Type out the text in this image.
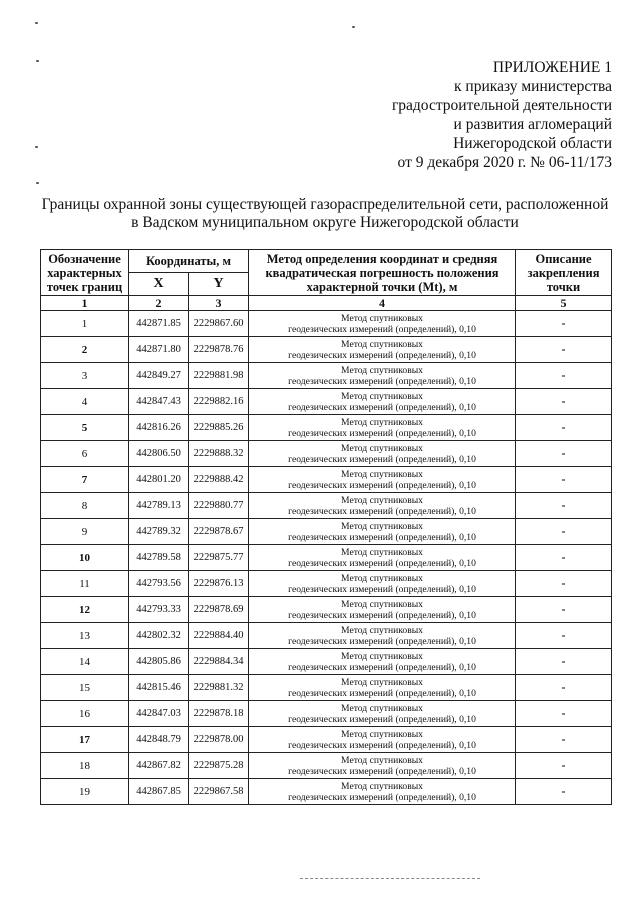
ПРИЛОЖЕНИЕ 1
к приказу министерства
градостроительной деятельности
и развития агломераций
Нижегородской области
от 9 декабря 2020 г. № 06-11/173
Границы охранной зоны существующей газораспределительной сети, расположенной
в Вадском муниципальном округе Нижегородской области
Обозначение характерных точек границ	Координаты, м		Метод определения координат и средняя квадратическая погрешность положения характерной точки (Mt), м	Описание закрепления точки
	X	Y		
1	2	3	4	5
1	442871.85	2229867.60	Метод спутниковых
геодезических измерений (определений), 0,10	-
2	442871.80	2229878.76	Метод спутниковых
геодезических измерений (определений), 0,10	-
3	442849.27	2229881.98	Метод спутниковых
геодезических измерений (определений), 0,10	-
4	442847.43	2229882.16	Метод спутниковых
геодезических измерений (определений), 0,10	-
5	442816.26	2229885.26	Метод спутниковых
геодезических измерений (определений), 0,10	-
6	442806.50	2229888.32	Метод спутниковых
геодезических измерений (определений), 0,10	-
7	442801.20	2229888.42	Метод спутниковых
геодезических измерений (определений), 0,10	-
8	442789.13	2229880.77	Метод спутниковых
геодезических измерений (определений), 0,10	-
9	442789.32	2229878.67	Метод спутниковых
геодезических измерений (определений), 0,10	-
10	442789.58	2229875.77	Метод спутниковых
геодезических измерений (определений), 0,10	-
11	442793.56	2229876.13	Метод спутниковых
геодезических измерений (определений), 0,10	-
12	442793.33	2229878.69	Метод спутниковых
геодезических измерений (определений), 0,10	-
13	442802.32	2229884.40	Метод спутниковых
геодезических измерений (определений), 0,10	-
14	442805.86	2229884.34	Метод спутниковых
геодезических измерений (определений), 0,10	-
15	442815.46	2229881.32	Метод спутниковых
геодезических измерений (определений), 0,10	-
16	442847.03	2229878.18	Метод спутниковых
геодезических измерений (определений), 0,10	-
17	442848.79	2229878.00	Метод спутниковых
геодезических измерений (определений), 0,10	-
18	442867.82	2229875.28	Метод спутниковых
геодезических измерений (определений), 0,10	-
19	442867.85	2229867.58	Метод спутниковых
геодезических измерений (определений), 0,10	-
